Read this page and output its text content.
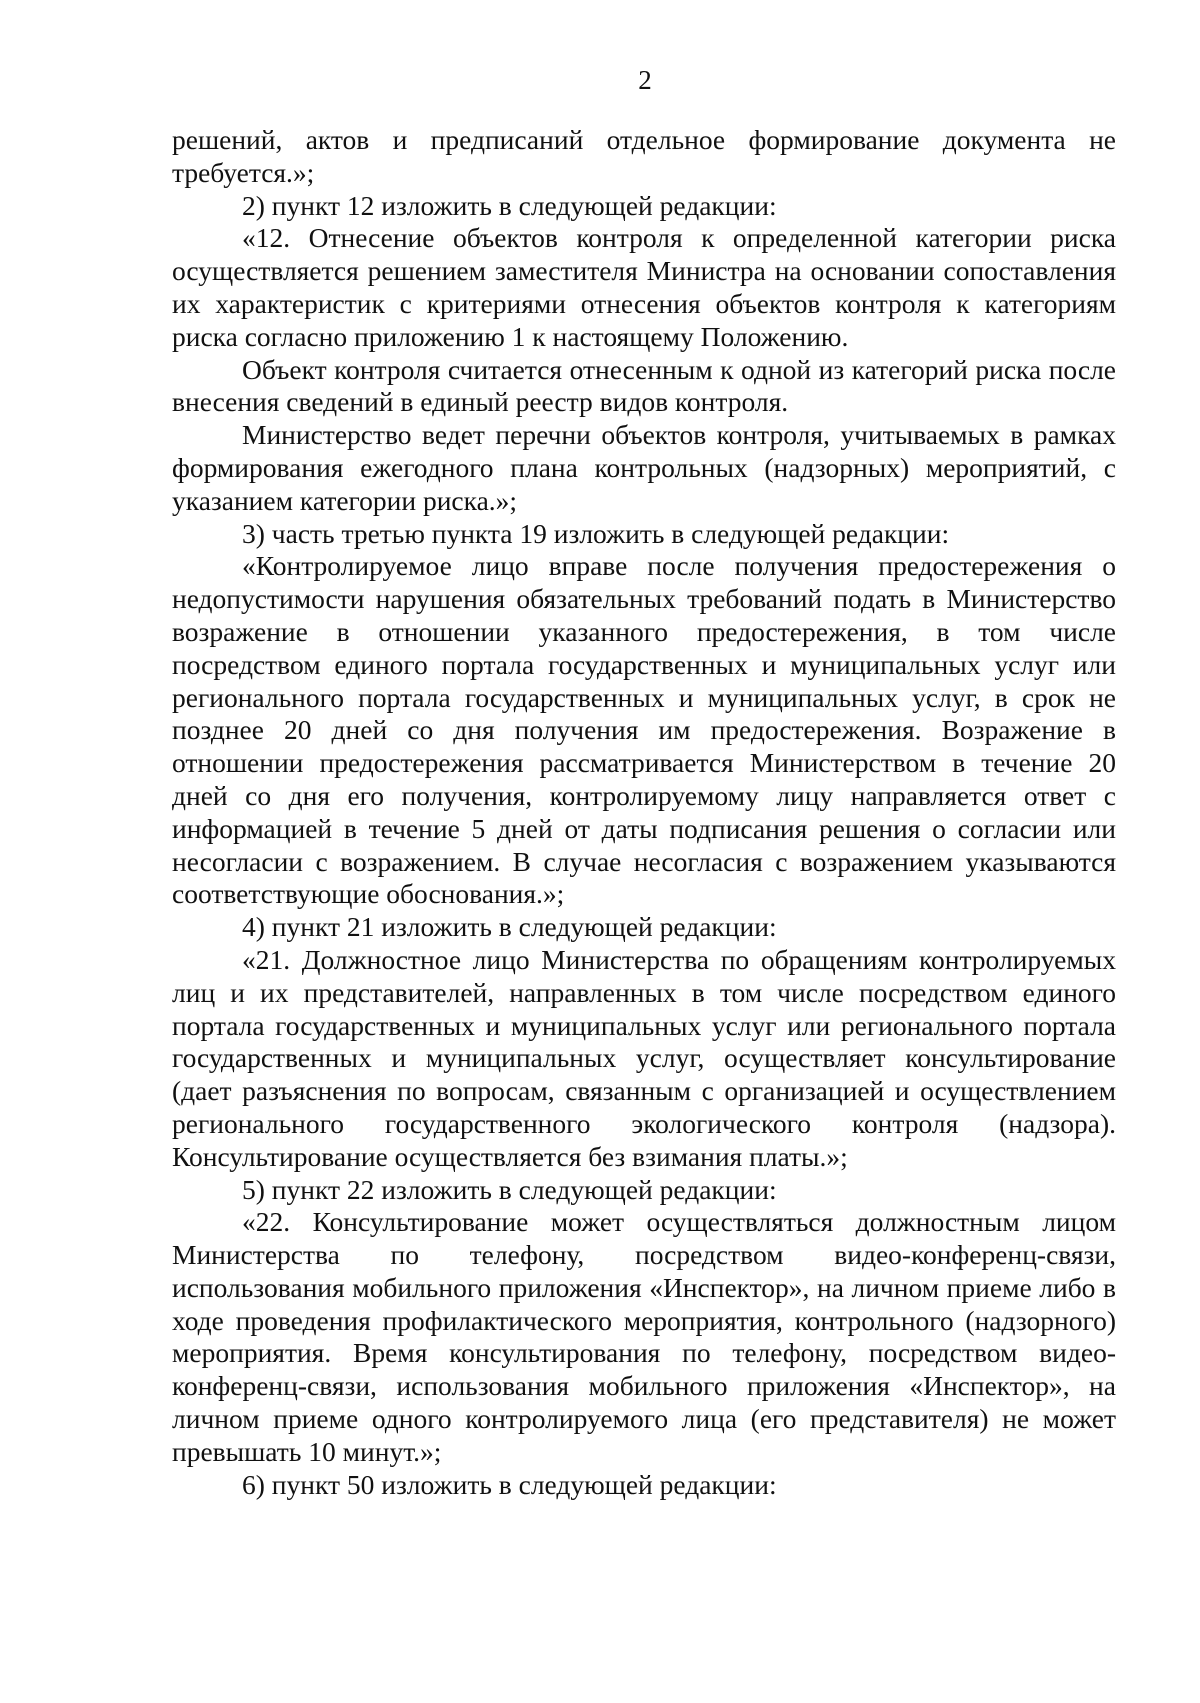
2

решений, актов и предписаний отдельное формирование документа не требуется.»;

2) пункт 12 изложить в следующей редакции:

«12. Отнесение объектов контроля к определенной категории риска осуществляется решением заместителя Министра на основании сопоставления их характеристик с критериями отнесения объектов контроля к категориям риска согласно приложению 1 к настоящему Положению.

Объект контроля считается отнесенным к одной из категорий риска после внесения сведений в единый реестр видов контроля.

Министерство ведет перечни объектов контроля, учитываемых в рамках формирования ежегодного плана контрольных (надзорных) мероприятий, с указанием категории риска.»;

3) часть третью пункта 19 изложить в следующей редакции:

«Контролируемое лицо вправе после получения предостережения о недопустимости нарушения обязательных требований подать в Министерство возражение в отношении указанного предостережения, в том числе посредством единого портала государственных и муниципальных услуг или регионального портала государственных и муниципальных услуг, в срок не позднее 20 дней со дня получения им предостережения. Возражение в отношении предостережения рассматривается Министерством в течение 20 дней со дня его получения, контролируемому лицу направляется ответ с информацией в течение 5 дней от даты подписания решения о согласии или несогласии с возражением. В случае несогласия с возражением указываются соответствующие обоснования.»;

4) пункт 21 изложить в следующей редакции:

«21. Должностное лицо Министерства по обращениям контролируемых лиц и их представителей, направленных в том числе посредством единого портала государственных и муниципальных услуг или регионального портала государственных и муниципальных услуг, осуществляет консультирование (дает разъяснения по вопросам, связанным с организацией и осуществлением регионального государственного экологического контроля (надзора). Консультирование осуществляется без взимания платы.»;

5) пункт 22 изложить в следующей редакции:

«22. Консультирование может осуществляться должностным лицом Министерства по телефону, посредством видео-конференц-связи, использования мобильного приложения «Инспектор», на личном приеме либо в ходе проведения профилактического мероприятия, контрольного (надзорного) мероприятия. Время консультирования по телефону, посредством видео-конференц-связи, использования мобильного приложения «Инспектор», на личном приеме одного контролируемого лица (его представителя) не может превышать 10 минут.»;

6) пункт 50 изложить в следующей редакции:
